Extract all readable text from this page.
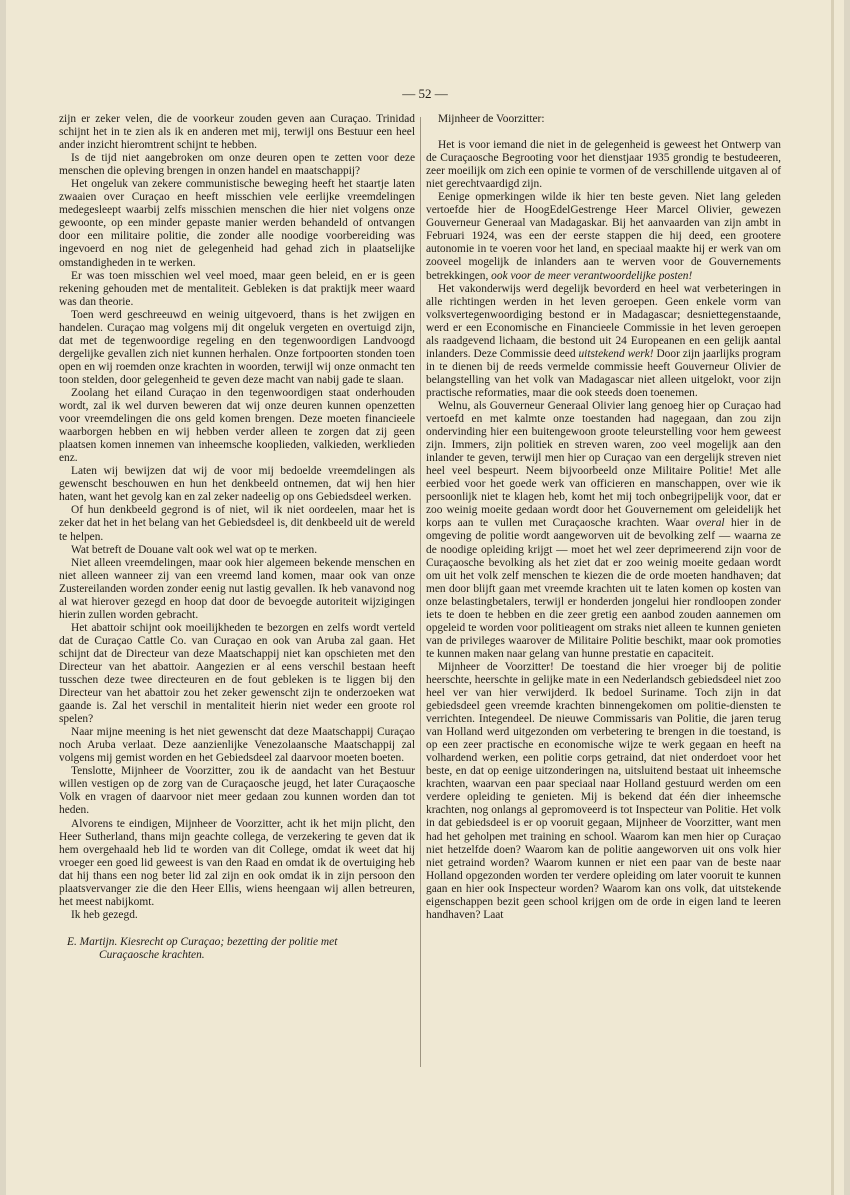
— 52 —

zijn er zeker velen, die de voorkeur zouden geven aan Curaçao. Trinidad schijnt het in te zien als ik en anderen met mij, terwijl ons Bestuur een heel ander inzicht hieromtrent schijnt te hebben.

Is de tijd niet aangebroken om onze deuren open te zetten voor deze menschen die opleving brengen in onzen handel en maatschappij?

Het ongeluk van zekere communistische beweging heeft het staartje laten zwaaien over Curaçao en heeft misschien vele eerlijke vreemdelingen medegesleept waarbij zelfs misschien menschen die hier niet volgens onze gewoonte, op een minder gepaste manier werden behandeld of ontvangen door een militaire politie, die zonder alle noodige voorbereiding was ingevoerd en nog niet de gelegenheid had gehad zich in plaatselijke omstandigheden in te werken.

Er was toen misschien wel veel moed, maar geen beleid, en er is geen rekening gehouden met de mentaliteit. Gebleken is dat praktijk meer waard was dan theorie.

Toen werd geschreeuwd en weinig uitgevoerd, thans is het zwijgen en handelen. Curaçao mag volgens mij dit ongeluk vergeten en overtuigd zijn, dat met de tegenwoordige regeling en den tegenwoordigen Landvoogd dergelijke gevallen zich niet kunnen herhalen. Onze fortpoorten stonden toen open en wij roemden onze krachten in woorden, terwijl wij onze onmacht ten toon stelden, door gelegenheid te geven deze macht van nabij gade te slaan.

Zoolang het eiland Curaçao in den tegenwoordigen staat onderhouden wordt, zal ik wel durven beweren dat wij onze deuren kunnen openzetten voor vreemdelingen die ons geld komen brengen. Deze moeten financieele waarborgen hebben en wij hebben verder alleen te zorgen dat zij geen plaatsen komen innemen van inheemsche kooplieden, valkieden, werklieden enz.

Laten wij bewijzen dat wij de voor mij bedoelde vreemdelingen als gewenscht beschouwen en hun het denkbeeld ontnemen, dat wij hen hier haten, want het gevolg kan en zal zeker nadeelig op ons Gebiedsdeel werken.

Of hun denkbeeld gegrond is of niet, wil ik niet oordeelen, maar het is zeker dat het in het belang van het Gebiedsdeel is, dit denkbeeld uit de wereld te helpen.

Wat betreft de Douane valt ook wel wat op te merken.

Niet alleen vreemdelingen, maar ook hier algemeen bekende menschen en niet alleen wanneer zij van een vreemd land komen, maar ook van onze Zustereilanden worden zonder eenig nut lastig gevallen. Ik heb vanavond nog al wat hierover gezegd en hoop dat door de bevoegde autoriteit wijzigingen hierin zullen worden gebracht.

Het abattoir schijnt ook moeilijkheden te bezorgen en zelfs wordt verteld dat de Curaçao Cattle Co. van Curaçao en ook van Aruba zal gaan. Het schijnt dat de Directeur van deze Maatschappij niet kan opschieten met den Directeur van het abattoir. Aangezien er al eens verschil bestaan heeft tusschen deze twee directeuren en de fout gebleken is te liggen bij den Directeur van het abattoir zou het zeker gewenscht zijn te onderzoeken wat gaande is. Zal het verschil in mentaliteit hierin niet weder een groote rol spelen?

Naar mijne meening is het niet gewenscht dat deze Maatschappij Curaçao noch Aruba verlaat. Deze aanzienlijke Venezolaansche Maatschappij zal volgens mij gemist worden en het Gebiedsdeel zal daarvoor moeten boeten.

Tenslotte, Mijnheer de Voorzitter, zou ik de aandacht van het Bestuur willen vestigen op de zorg van de Curaçaosche jeugd, het later Curaçaosche Volk en vragen of daarvoor niet meer gedaan zou kunnen worden dan tot heden.

Alvorens te eindigen, Mijnheer de Voorzitter, acht ik het mijn plicht, den Heer Sutherland, thans mijn geachte collega, de verzekering te geven dat ik hem overgehaald heb lid te worden van dit College, omdat ik weet dat hij vroeger een goed lid geweest is van den Raad en omdat ik de overtuiging heb dat hij thans een nog beter lid zal zijn en ook omdat ik in zijn persoon den plaatsvervanger zie die den Heer Ellis, wiens heengaan wij allen betreuren, het meest nabijkomt.

Ik heb gezegd.

E. Martijn. Kiesrecht op Curaçao; bezetting der politie met
Curaçaosche krachten.

Mijnheer de Voorzitter:

Het is voor iemand die niet in de gelegenheid is geweest het Ontwerp van de Curaçaosche Begrooting voor het dienstjaar 1935 grondig te bestudeeren, zeer moeilijk om zich een opinie te vormen of de verschillende uitgaven al of niet gerechtvaardigd zijn.

Eenige opmerkingen wilde ik hier ten beste geven. Niet lang geleden vertoefde hier de HoogEdelGestrenge Heer Marcel Olivier, gewezen Gouverneur Generaal van Madagaskar. Bij het aanvaarden van zijn ambt in Februari 1924, was een der eerste stappen die hij deed, een grootere autonomie in te voeren voor het land, en speciaal maakte hij er werk van om zooveel mogelijk de inlanders aan te werven voor de Gouvernements betrekkingen, ook voor de meer verantwoordelijke posten!

Het vakonderwijs werd degelijk bevorderd en heel wat verbeteringen in alle richtingen werden in het leven geroepen. Geen enkele vorm van volksvertegenwoordiging bestond er in Madagascar; desniettegenstaande, werd er een Economische en Financieele Commissie in het leven geroepen als raadgevend lichaam, die bestond uit 24 Europeanen en een gelijk aantal inlanders. Deze Commissie deed uitstekend werk! Door zijn jaarlijks program in te dienen bij de reeds vermelde commissie heeft Gouverneur Olivier de belangstelling van het volk van Madagascar niet alleen uitgelokt, voor zijn practische reformaties, maar die ook steeds doen toenemen.

Welnu, als Gouverneur Generaal Olivier lang genoeg hier op Curaçao had vertoefd en met kalmte onze toestanden had nagegaan, dan zou zijn ondervinding hier een buitengewoon groote teleurstelling voor hem geweest zijn. Immers, zijn politiek en streven waren, zoo veel mogelijk aan den inlander te geven, terwijl men hier op Curaçao van een dergelijk streven niet heel veel bespeurt. Neem bijvoorbeeld onze Militaire Politie! Met alle eerbied voor het goede werk van officieren en manschappen, over wie ik persoonlijk niet te klagen heb, komt het mij toch onbegrijpelijk voor, dat er zoo weinig moeite gedaan wordt door het Gouvernement om geleidelijk het korps aan te vullen met Curaçaosche krachten. Waar overal hier in de omgeving de politie wordt aangeworven uit de bevolking zelf — waarna ze de noodige opleiding krijgt — moet het wel zeer deprimeerend zijn voor de Curaçaosche bevolking als het ziet dat er zoo weinig moeite gedaan wordt om uit het volk zelf menschen te kiezen die de orde moeten handhaven; dat men door blijft gaan met vreemde krachten uit te laten komen op kosten van onze belastingbetalers, terwijl er honderden jongelui hier rondloopen zonder iets te doen te hebben en die zeer gretig een aanbod zouden aannemen om opgeleid te worden voor politieagent om straks niet alleen te kunnen genieten van de privileges waarover de Militaire Politie beschikt, maar ook promoties te kunnen maken naar gelang van hunne prestatie en capaciteit.

Mijnheer de Voorzitter! De toestand die hier vroeger bij de politie heerschte, heerschte in gelijke mate in een Nederlandsch gebiedsdeel niet zoo heel ver van hier verwijderd. Ik bedoel Suriname. Toch zijn in dat gebiedsdeel geen vreemde krachten binnengekomen om politie-diensten te verrichten. Integendeel. De nieuwe Commissaris van Politie, die jaren terug van Holland werd uitgezonden om verbetering te brengen in die toestand, is op een zeer practische en economische wijze te werk gegaan en heeft na volhardend werken, een politie corps getraind, dat niet onderdoet voor het beste, en dat op eenige uitzonderingen na, uitsluitend bestaat uit inheemsche krachten, waarvan een paar speciaal naar Holland gestuurd werden om een verdere opleiding te genieten. Mij is bekend dat één dier inheemsche krachten, nog onlangs al gepromoveerd is tot Inspecteur van Politie. Het volk in dat gebiedsdeel is er op vooruit gegaan, Mijnheer de Voorzitter, want men had het geholpen met training en school. Waarom kan men hier op Curaçao niet hetzelfde doen? Waarom kan de politie aangeworven uit ons volk hier niet getraind worden? Waarom kunnen er niet een paar van de beste naar Holland opgezonden worden ter verdere opleiding om later vooruit te kunnen gaan en hier ook Inspecteur worden? Waarom kan ons volk, dat uitstekende eigenschappen bezit geen school krijgen om de orde in eigen land te leeren handhaven? Laat
